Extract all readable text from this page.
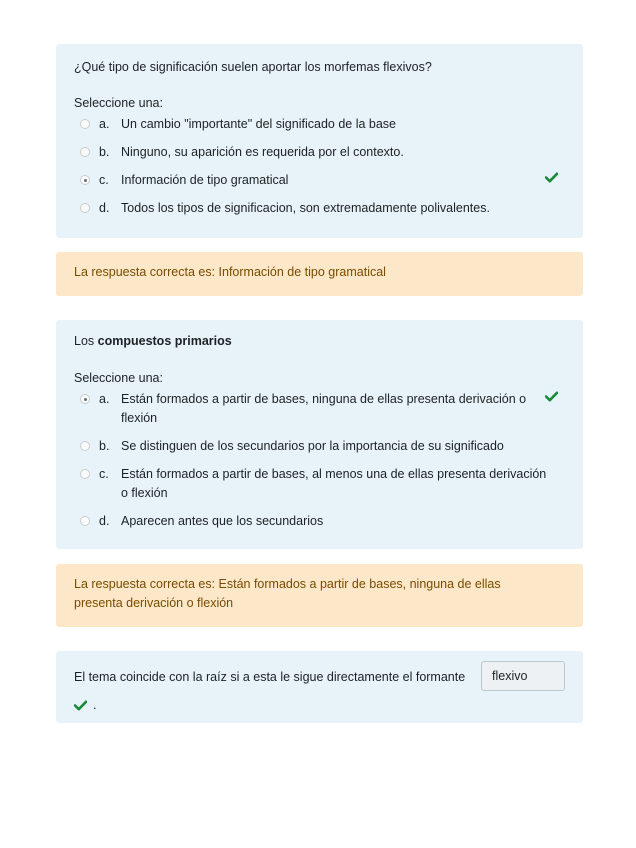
¿Qué tipo de significación suelen aportar los morfemas flexivos?
Seleccione una:
a. Un cambio "importante" del significado de la base
b. Ninguno, su aparición es requerida por el contexto.
c. Información de tipo gramatical
d. Todos los tipos de significacion, son extremadamente polivalentes.
La respuesta correcta es: Información de tipo gramatical
Los compuestos primarios
Seleccione una:
a. Están formados a partir de bases, ninguna de ellas presenta derivación o flexión
b. Se distinguen de los secundarios por la importancia de su significado
c. Están formados a partir de bases, al menos una de ellas presenta derivación o flexión
d. Aparecen antes que los secundarios
La respuesta correcta es: Están formados a partir de bases, ninguna de ellas presenta derivación o flexión
El tema coincide con la raíz si a esta le sigue directamente el formante	flexivo
.
